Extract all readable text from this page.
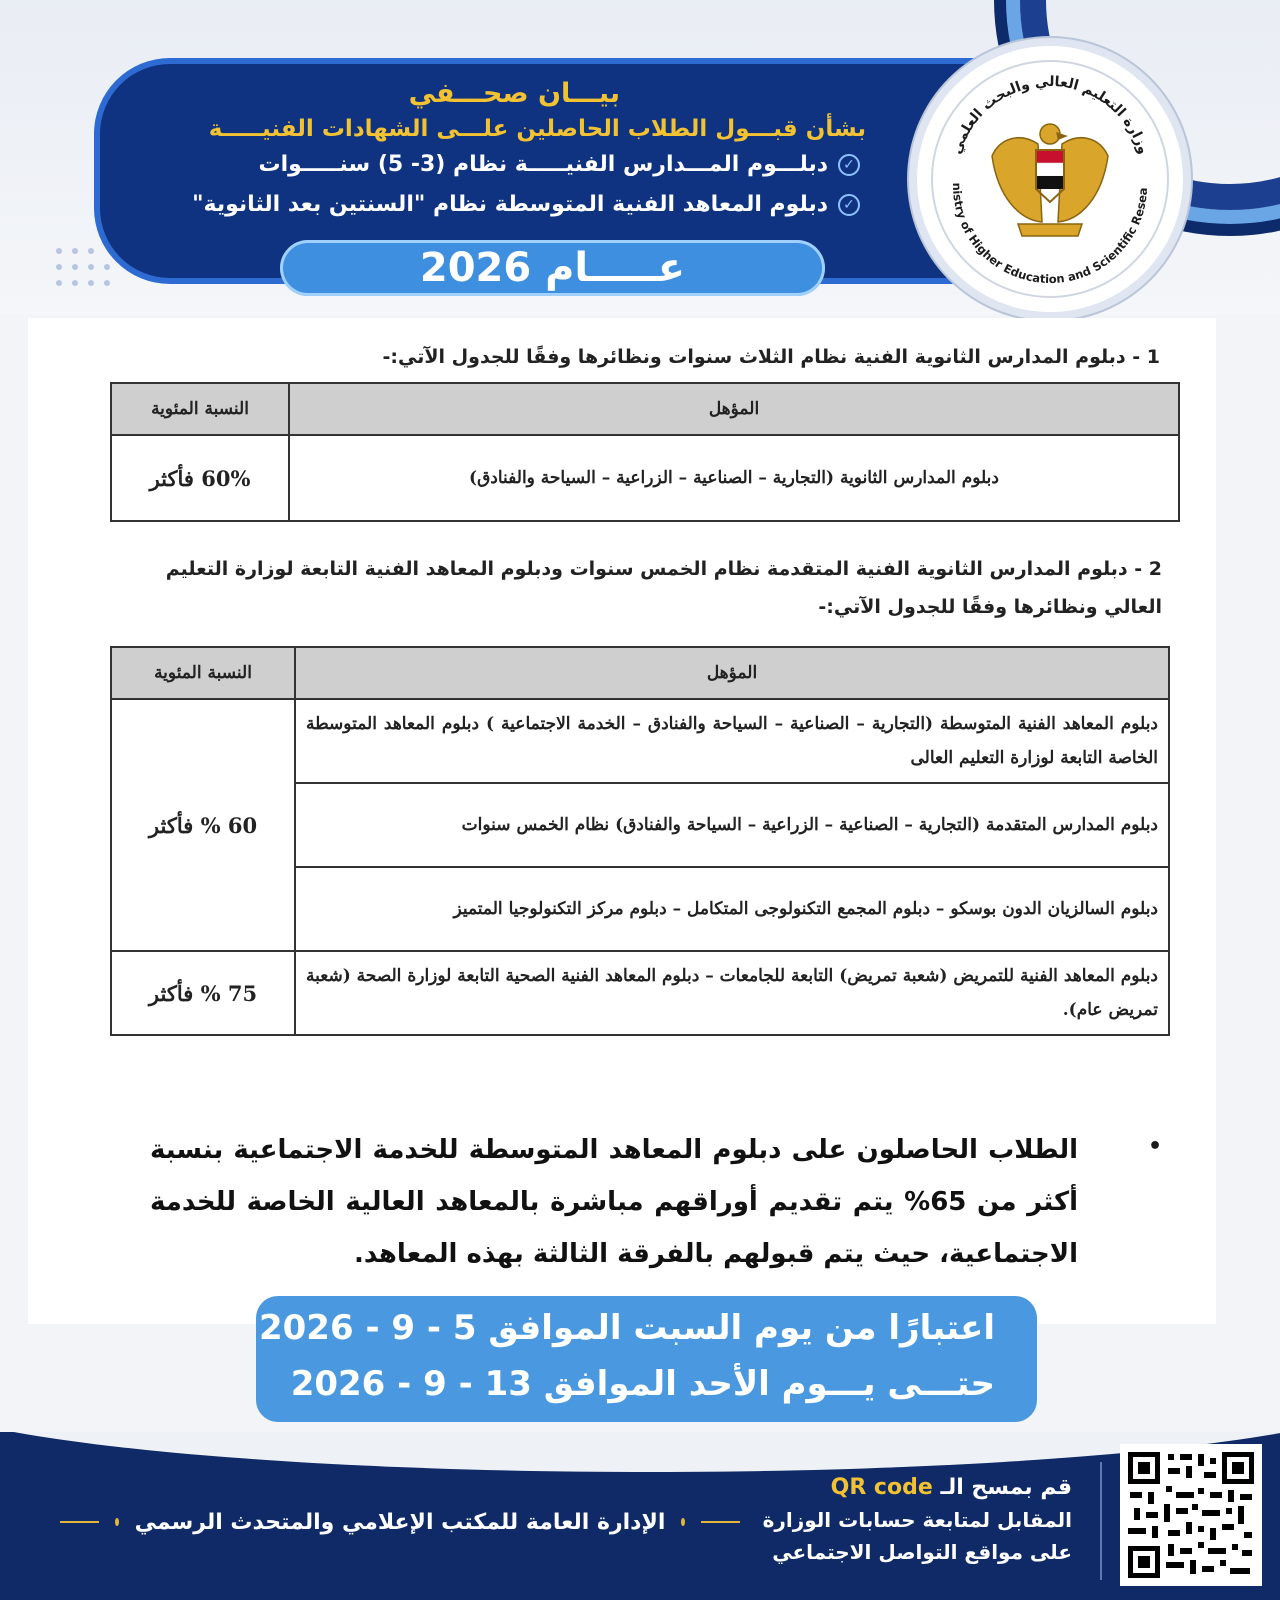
بيـــان صحـــفي
بشأن قبـــول الطلاب الحاصلين علـــى الشهادات الفنيـــــة
✓
دبلـــوم المـــدارس الفنيـــــة نظام (3- 5) سنـــــوات
✓
دبلوم المعاهد الفنية المتوسطة نظام "السنتين بعد الثانوية"
عـــــام 2026
وزارة التعليم العالي والبحث العلمي
nistry of Higher Education and Scientific Resea
1 - دبلوم المدارس الثانوية الفنية نظام الثلاث سنوات ونظائرها وفقًا للجدول الآتي:-
المؤهل	النسبة المئوية
دبلوم المدارس الثانوية (التجارية – الصناعية – الزراعية – السياحة والفنادق)	60% فأكثر
2 - دبلوم المدارس الثانوية الفنية المتقدمة نظام الخمس سنوات ودبلوم المعاهد الفنية التابعة لوزارة التعليم العالي ونظائرها وفقًا للجدول الآتي:-
المؤهل	النسبة المئوية
دبلوم المعاهد الفنية المتوسطة (التجارية – الصناعية – السياحة والفنادق – الخدمة الاجتماعية ) دبلوم المعاهد المتوسطة الخاصة التابعة لوزارة التعليم العالى	60 % فأكثر
دبلوم المدارس المتقدمة (التجارية – الصناعية – الزراعية – السياحة والفنادق) نظام الخمس سنوات	
دبلوم السالزيان الدون بوسكو – دبلوم المجمع التكنولوجى المتكامل – دبلوم مركز التكنولوجيا المتميز	
دبلوم المعاهد الفنية للتمريض (شعبة تمريض) التابعة للجامعات – دبلوم المعاهد الفنية الصحية التابعة لوزارة الصحة (شعبة تمريض عام).	75 % فأكثر
•
الطلاب الحاصلون على دبلوم المعاهد المتوسطة للخدمة الاجتماعية بنسبة أكثر من 65% يتم تقديم أوراقهم مباشرة بالمعاهد العالية الخاصة للخدمة الاجتماعية، حيث يتم قبولهم بالفرقة الثالثة بهذه المعاهد.
اعتبارًا من يوم السبت الموافق 5 - 9 - 2026
حتـــى يـــوم الأحد الموافق 13 - 9 - 2026
الإدارة العامة للمكتب الإعلامي والمتحدث الرسمي
قم بمسح الـ QR code
المقابل لمتابعة حسابات الوزارة
على مواقع التواصل الاجتماعي
